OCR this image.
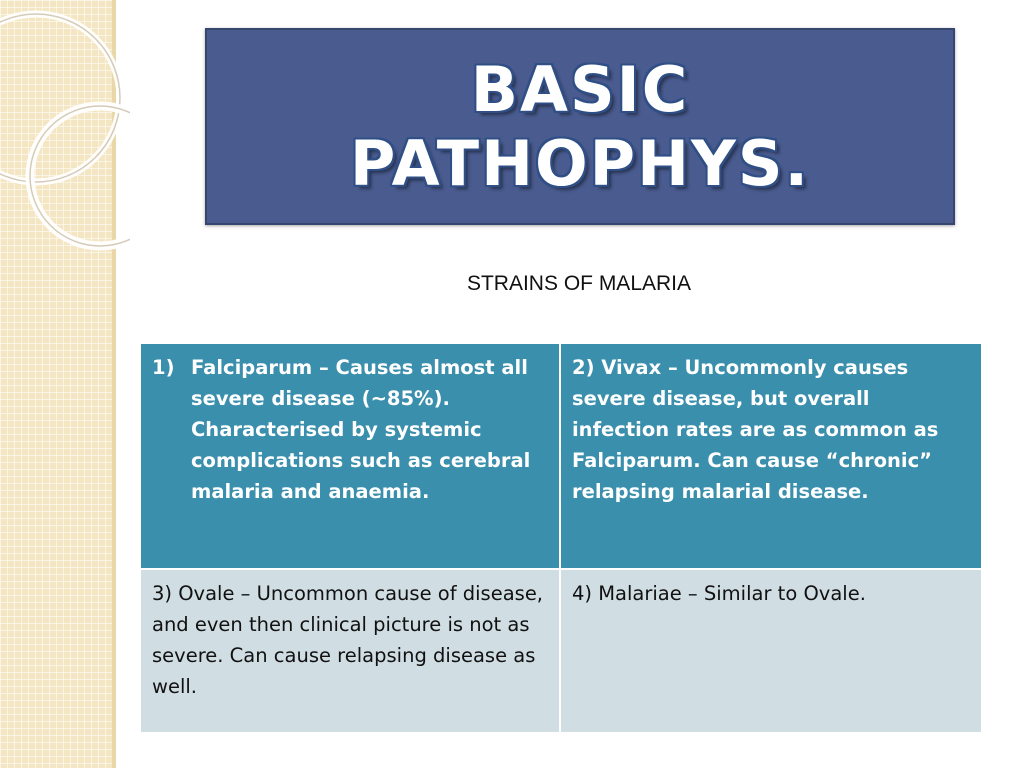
BASIC
PATHOPHYS.
STRAINS OF MALARIA
1) Falciparum – Causes almost all severe disease (~85%). Characterised by systemic complications such as cerebral malaria and anaemia.
2) Vivax – Uncommonly causes severe disease, but overall infection rates are as common as Falciparum. Can cause “chronic” relapsing malarial disease.
3) Ovale – Uncommon cause of disease, and even then clinical picture is not as severe. Can cause relapsing disease as well.
4) Malariae – Similar to Ovale.
